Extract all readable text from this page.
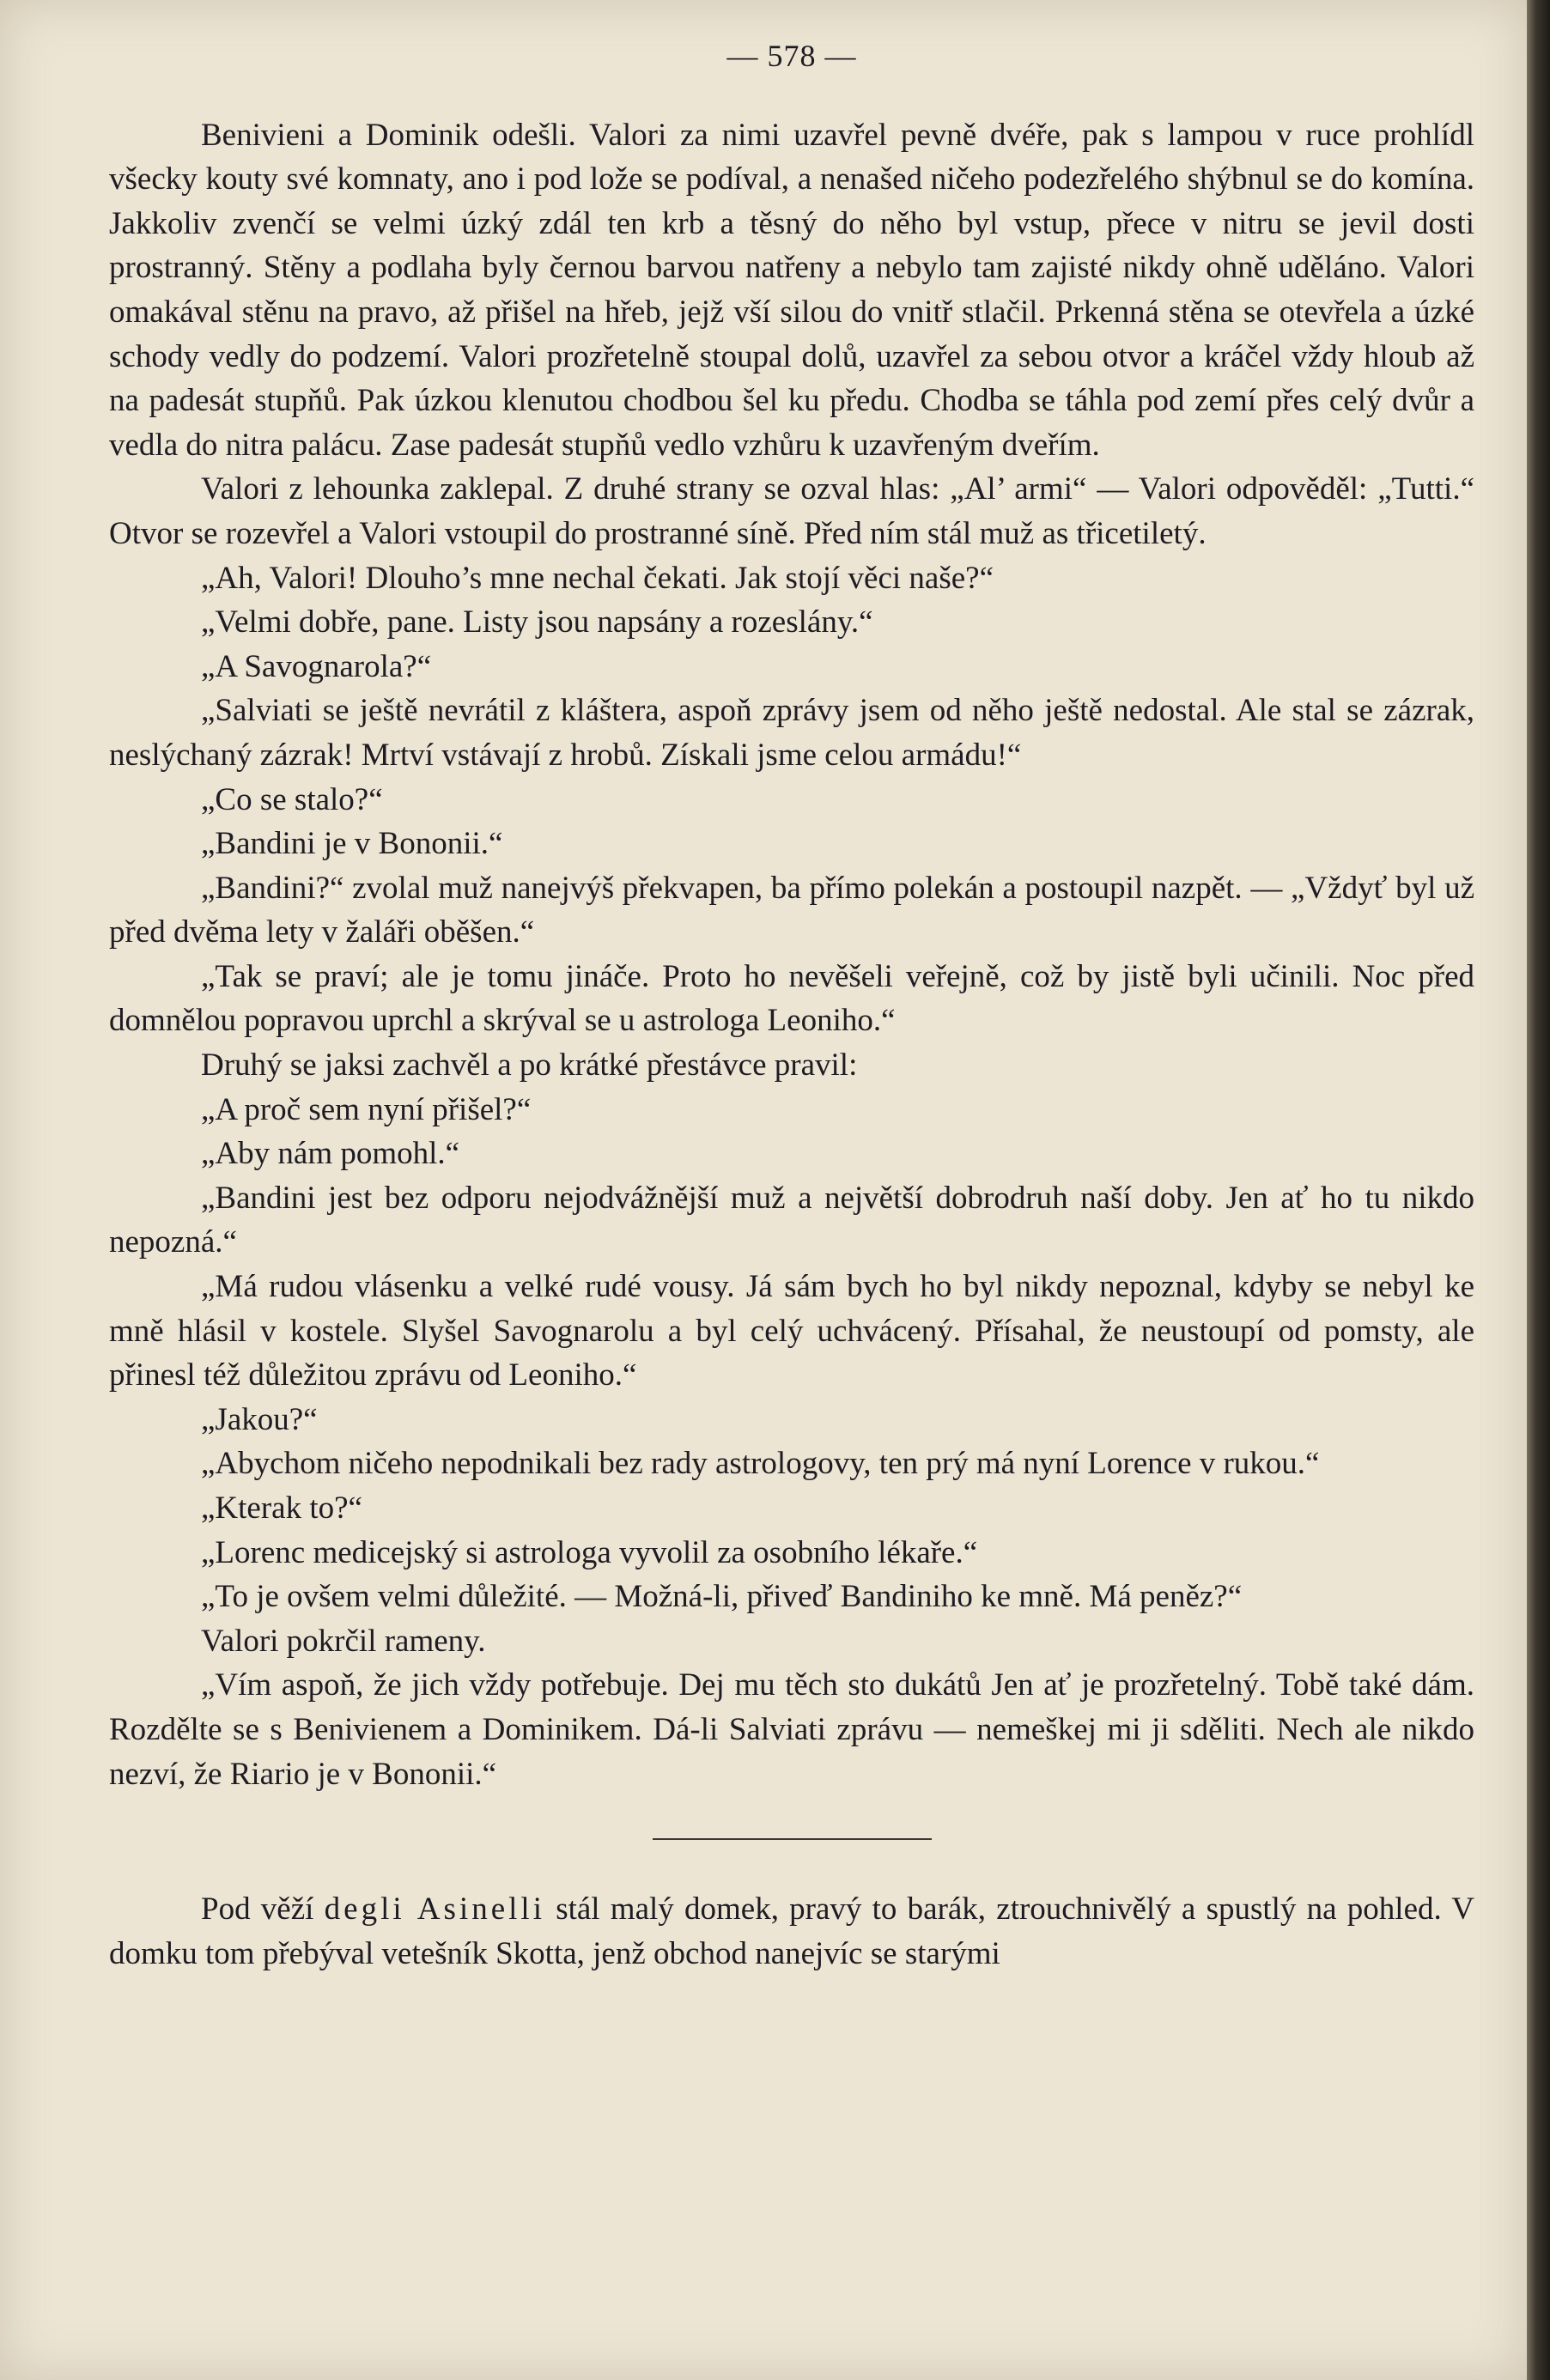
— 578 —

Benivieni a Dominik odešli. Valori za nimi uzavřel pevně dvéře, pak s lampou v ruce prohlídl všecky kouty své komnaty, ano i pod lože se podíval, a nenašed ničeho podezřelého shýbnul se do komína. Jakkoliv zvenčí se velmi úzký zdál ten krb a těsný do něho byl vstup, přece v nitru se jevil dosti prostranný. Stěny a podlaha byly černou barvou natřeny a nebylo tam zajisté nikdy ohně uděláno. Valori omakával stěnu na pravo, až přišel na hřeb, jejž vší silou do vnitř stlačil. Prkenná stěna se otevřela a úzké schody vedly do podzemí. Valori prozřetelně stoupal dolů, uzavřel za sebou otvor a kráčel vždy hloub až na padesát stupňů. Pak úzkou klenutou chodbou šel ku předu. Chodba se táhla pod zemí přes celý dvůr a vedla do nitra palácu. Zase padesát stupňů vedlo vzhůru k uzavřeným dveřím.

Valori z lehounka zaklepal. Z druhé strany se ozval hlas: „Al’ armi“ — Valori odpověděl: „Tutti.“ Otvor se rozevřel a Valori vstoupil do prostranné síně. Před ním stál muž as třicetiletý.

„Ah, Valori! Dlouho’s mne nechal čekati. Jak stojí věci naše?“

„Velmi dobře, pane. Listy jsou napsány a rozeslány.“

„A Savognarola?“

„Salviati se ještě nevrátil z kláštera, aspoň zprávy jsem od něho ještě nedostal. Ale stal se zázrak, neslýchaný zázrak! Mrtví vstávají z hrobů. Získali jsme celou armádu!“

„Co se stalo?“

„Bandini je v Bononii.“

„Bandini?“ zvolal muž nanejvýš překvapen, ba přímo polekán a postoupil nazpět. — „Vždyť byl už před dvěma lety v žaláři oběšen.“

„Tak se praví; ale je tomu jináče. Proto ho nevěšeli veřejně, což by jistě byli učinili. Noc před domnělou popravou uprchl a skrýval se u astrologa Leoniho.“

Druhý se jaksi zachvěl a po krátké přestávce pravil:

„A proč sem nyní přišel?“

„Aby nám pomohl.“

„Bandini jest bez odporu nejodvážnější muž a největší dobrodruh naší doby. Jen ať ho tu nikdo nepozná.“

„Má rudou vlásenku a velké rudé vousy. Já sám bych ho byl nikdy nepoznal, kdyby se nebyl ke mně hlásil v kostele. Slyšel Savognarolu a byl celý uchvácený. Přísahal, že neustoupí od pomsty, ale přinesl též důležitou zprávu od Leoniho.“

„Jakou?“

„Abychom ničeho nepodnikali bez rady astrologovy, ten prý má nyní Lorence v rukou.“

„Kterak to?“

„Lorenc medicejský si astrologa vyvolil za osobního lékaře.“

„To je ovšem velmi důležité. — Možná-li, přiveď Bandiniho ke mně. Má peněz?“

Valori pokrčil rameny.

„Vím aspoň, že jich vždy potřebuje. Dej mu těch sto dukátů Jen ať je prozřetelný. Tobě také dám. Rozdělte se s Benivienem a Dominikem. Dá-li Salviati zprávu — nemeškej mi ji sděliti. Nech ale nikdo nezví, že Riario je v Bononii.“

Pod věží degli Asinelli stál malý domek, pravý to barák, ztrouchnivělý a spustlý na pohled. V domku tom přebýval vetešník Skotta, jenž obchod nanejvíc se starými
